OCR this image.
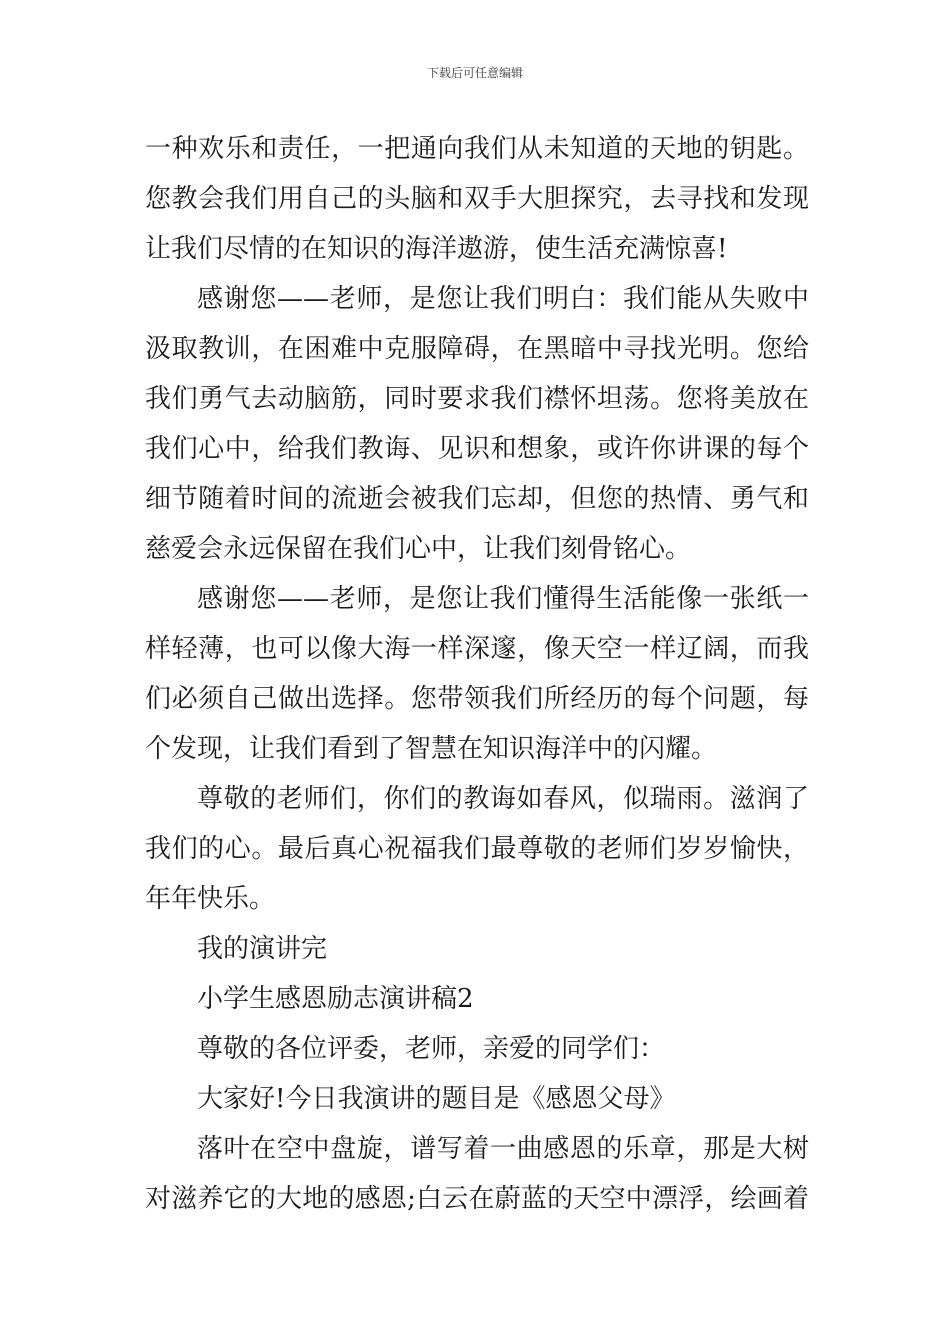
下载后可任意编辑
一种欢乐和责任，一把通向我们从未知道的天地的钥匙。
您教会我们用自己的头脑和双手大胆探究，去寻找和发现
让我们尽情的在知识的海洋遨游，使生活充满惊喜!
感谢您——老师，是您让我们明白：我们能从失败中
汲取教训，在困难中克服障碍，在黑暗中寻找光明。您给
我们勇气去动脑筋，同时要求我们襟怀坦荡。您将美放在
我们心中，给我们教诲、见识和想象，或许你讲课的每个
细节随着时间的流逝会被我们忘却，但您的热情、勇气和
慈爱会永远保留在我们心中，让我们刻骨铭心。
感谢您——老师，是您让我们懂得生活能像一张纸一
样轻薄，也可以像大海一样深邃，像天空一样辽阔，而我
们必须自己做出选择。您带领我们所经历的每个问题，每
个发现，让我们看到了智慧在知识海洋中的闪耀。
尊敬的老师们，你们的教诲如春风，似瑞雨。滋润了
我们的心。最后真心祝福我们最尊敬的老师们岁岁愉快，
年年快乐。
我的演讲完
小学生感恩励志演讲稿2
尊敬的各位评委，老师，亲爱的同学们：
大家好!今日我演讲的题目是《感恩父母》
落叶在空中盘旋，谱写着一曲感恩的乐章，那是大树
对滋养它的大地的感恩;白云在蔚蓝的天空中漂浮，绘画着
